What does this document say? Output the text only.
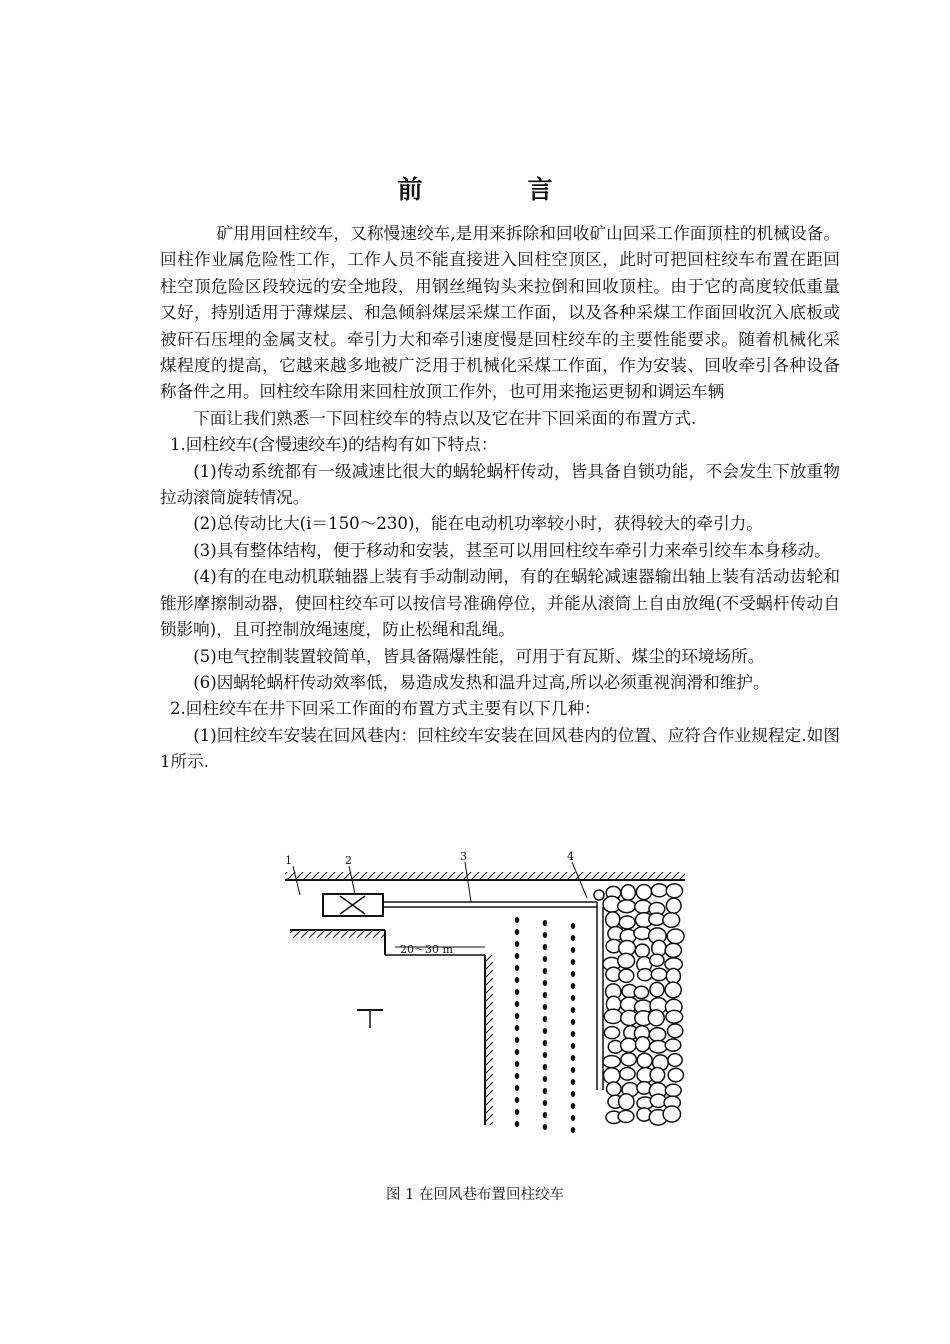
前　言

矿用用回柱绞车，又称慢速绞车,是用来拆除和回收矿山回采工作面顶柱的机械设备。回柱作业属危险性工作，工作人员不能直接进入回柱空顶区，此时可把回柱绞车布置在距回柱空顶危险区段较远的安全地段，用钢丝绳钩头来拉倒和回收顶柱。由于它的高度较低重量又好，持别适用于薄煤层、和急倾斜煤层采煤工作面，以及各种采煤工作面回收沉入底板或被矸石压埋的金属支杖。牵引力大和牵引速度慢是回柱绞车的主要性能要求。随着机械化采煤程度的提高，它越来越多地被广泛用于机械化采煤工作面，作为安装、回收牵引各种设备称备件之用。回柱绞车除用来回柱放顶工作外，也可用来拖运更韧和调运车辆

下面让我们熟悉一下回柱绞车的特点以及它在井下回采面的布置方式.

1.回柱绞车(含慢速绞车)的结构有如下特点：

(1)传动系统都有一级减速比很大的蜗轮蜗杆传动，皆具备自锁功能，不会发生下放重物拉动滚筒旋转情况。

(2)总传动比大(i＝150～230)，能在电动机功率较小时，获得较大的牵引力。

(3)具有整体结构，便于移动和安装，甚至可以用回柱绞车牵引力来牵引绞车本身移动。

(4)有的在电动机联轴器上装有手动制动闸，有的在蜗轮减速器输出轴上装有活动齿轮和锥形摩擦制动器，使回柱绞车可以按信号准确停位，并能从滚筒上自由放绳(不受蜗杆传动自锁影响)，且可控制放绳速度，防止松绳和乱绳。

(5)电气控制装置较简单，皆具备隔爆性能，可用于有瓦斯、煤尘的环境场所。

(6)因蜗轮蜗杆传动效率低，易造成发热和温升过高,所以必须重视润滑和维护。

2.回柱绞车在井下回采工作面的布置方式主要有以下几种：

(1)回柱绞车安装在回风巷内：回柱绞车安装在回风巷内的位置、应符合作业规程定.如图1所示.

20～30 m
1	2	3	4
图 1 在回风巷布置回柱绞车
